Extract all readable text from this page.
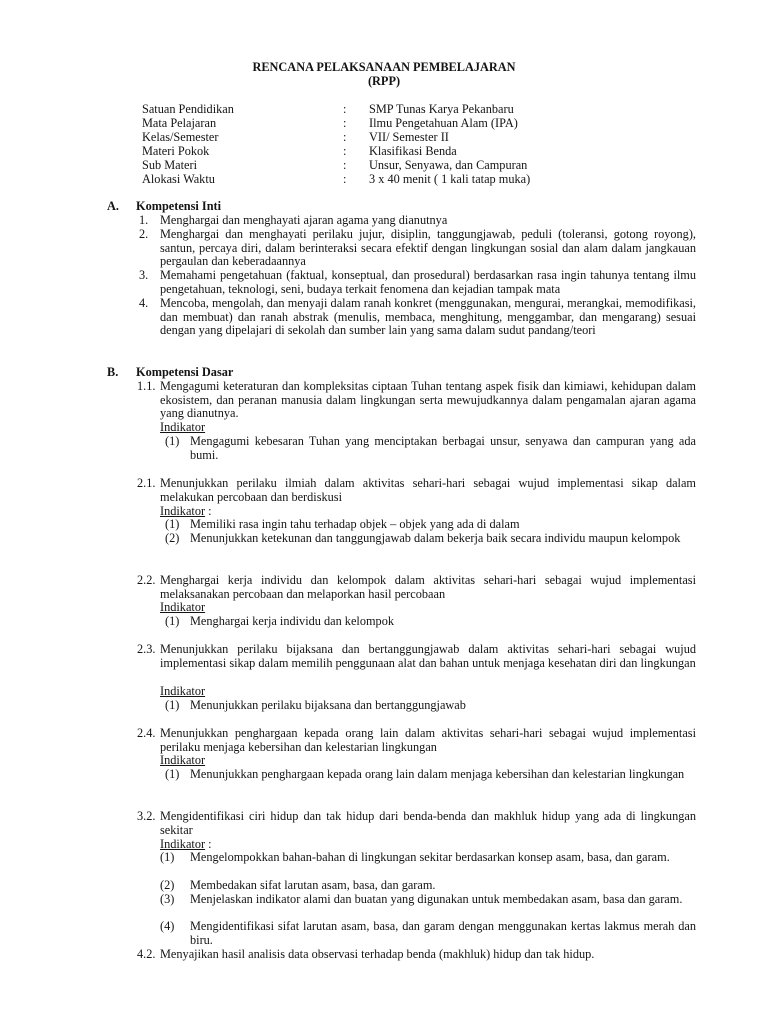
RENCANA PELAKSANAAN PEMBELAJARAN
(RPP)
Satuan Pendidikan	: SMP Tunas Karya Pekanbaru
Mata Pelajaran	: Ilmu Pengetahuan Alam (IPA)
Kelas/Semester	: VII/ Semester II
Materi Pokok	: Klasifikasi Benda
Sub Materi	: Unsur, Senyawa, dan Campuran
Alokasi Waktu	: 3 x 40 menit ( 1 kali tatap muka)
A. Kompetensi Inti
1. Menghargai dan menghayati ajaran agama yang dianutnya
2. Menghargai dan menghayati perilaku jujur, disiplin, tanggungjawab, peduli (toleransi, gotong royong), santun, percaya diri, dalam berinteraksi secara efektif dengan lingkungan sosial dan alam dalam jangkauan pergaulan dan keberadaannya
3. Memahami pengetahuan (faktual, konseptual, dan prosedural) berdasarkan rasa ingin tahunya tentang ilmu pengetahuan, teknologi, seni, budaya terkait fenomena dan kejadian tampak mata
4. Mencoba, mengolah, dan menyaji dalam ranah konkret (menggunakan, mengurai, merangkai, memodifikasi, dan membuat) dan ranah abstrak (menulis, membaca, menghitung, menggambar, dan mengarang) sesuai dengan yang dipelajari di sekolah dan sumber lain yang sama dalam sudut pandang/teori
B. Kompetensi Dasar
1.1. Mengagumi keteraturan dan kompleksitas ciptaan Tuhan tentang aspek fisik dan kimiawi, kehidupan dalam ekosistem, dan peranan manusia dalam lingkungan serta mewujudkannya dalam pengamalan ajaran agama yang dianutnya.
Indikator
(1) Mengagumi kebesaran Tuhan yang menciptakan berbagai unsur, senyawa dan campuran yang ada bumi.
2.1. Menunjukkan perilaku ilmiah dalam aktivitas sehari-hari sebagai wujud implementasi sikap dalam melakukan percobaan dan berdiskusi
Indikator :
(1) Memiliki rasa ingin tahu terhadap objek – objek yang ada di dalam
(2) Menunjukkan ketekunan dan tanggungjawab dalam bekerja baik secara individu maupun kelompok
2.2. Menghargai kerja individu dan kelompok dalam aktivitas sehari-hari sebagai wujud implementasi melaksanakan percobaan dan melaporkan hasil percobaan
Indikator
(1) Menghargai kerja individu dan kelompok
2.3. Menunjukkan perilaku bijaksana dan bertanggungjawab dalam aktivitas sehari-hari sebagai wujud implementasi sikap dalam memilih penggunaan alat dan bahan untuk menjaga kesehatan diri dan lingkungan
Indikator
(1) Menunjukkan perilaku bijaksana dan bertanggungjawab
2.4. Menunjukkan penghargaan kepada orang lain dalam aktivitas sehari-hari sebagai wujud implementasi perilaku menjaga kebersihan dan kelestarian lingkungan
Indikator
(1) Menunjukkan penghargaan kepada orang lain dalam menjaga kebersihan dan kelestarian lingkungan
3.2. Mengidentifikasi ciri hidup dan tak hidup dari benda-benda dan makhluk hidup yang ada di lingkungan sekitar
Indikator :
(1) Mengelompokkan bahan-bahan di lingkungan sekitar berdasarkan konsep asam, basa, dan garam.
(2) Membedakan sifat larutan asam, basa, dan garam.
(3) Menjelaskan indikator alami dan buatan yang digunakan untuk membedakan asam, basa dan garam.
(4) Mengidentifikasi sifat larutan asam, basa, dan garam dengan menggunakan kertas lakmus merah dan biru.
4.2. Menyajikan hasil analisis data observasi terhadap benda (makhluk) hidup dan tak hidup.
